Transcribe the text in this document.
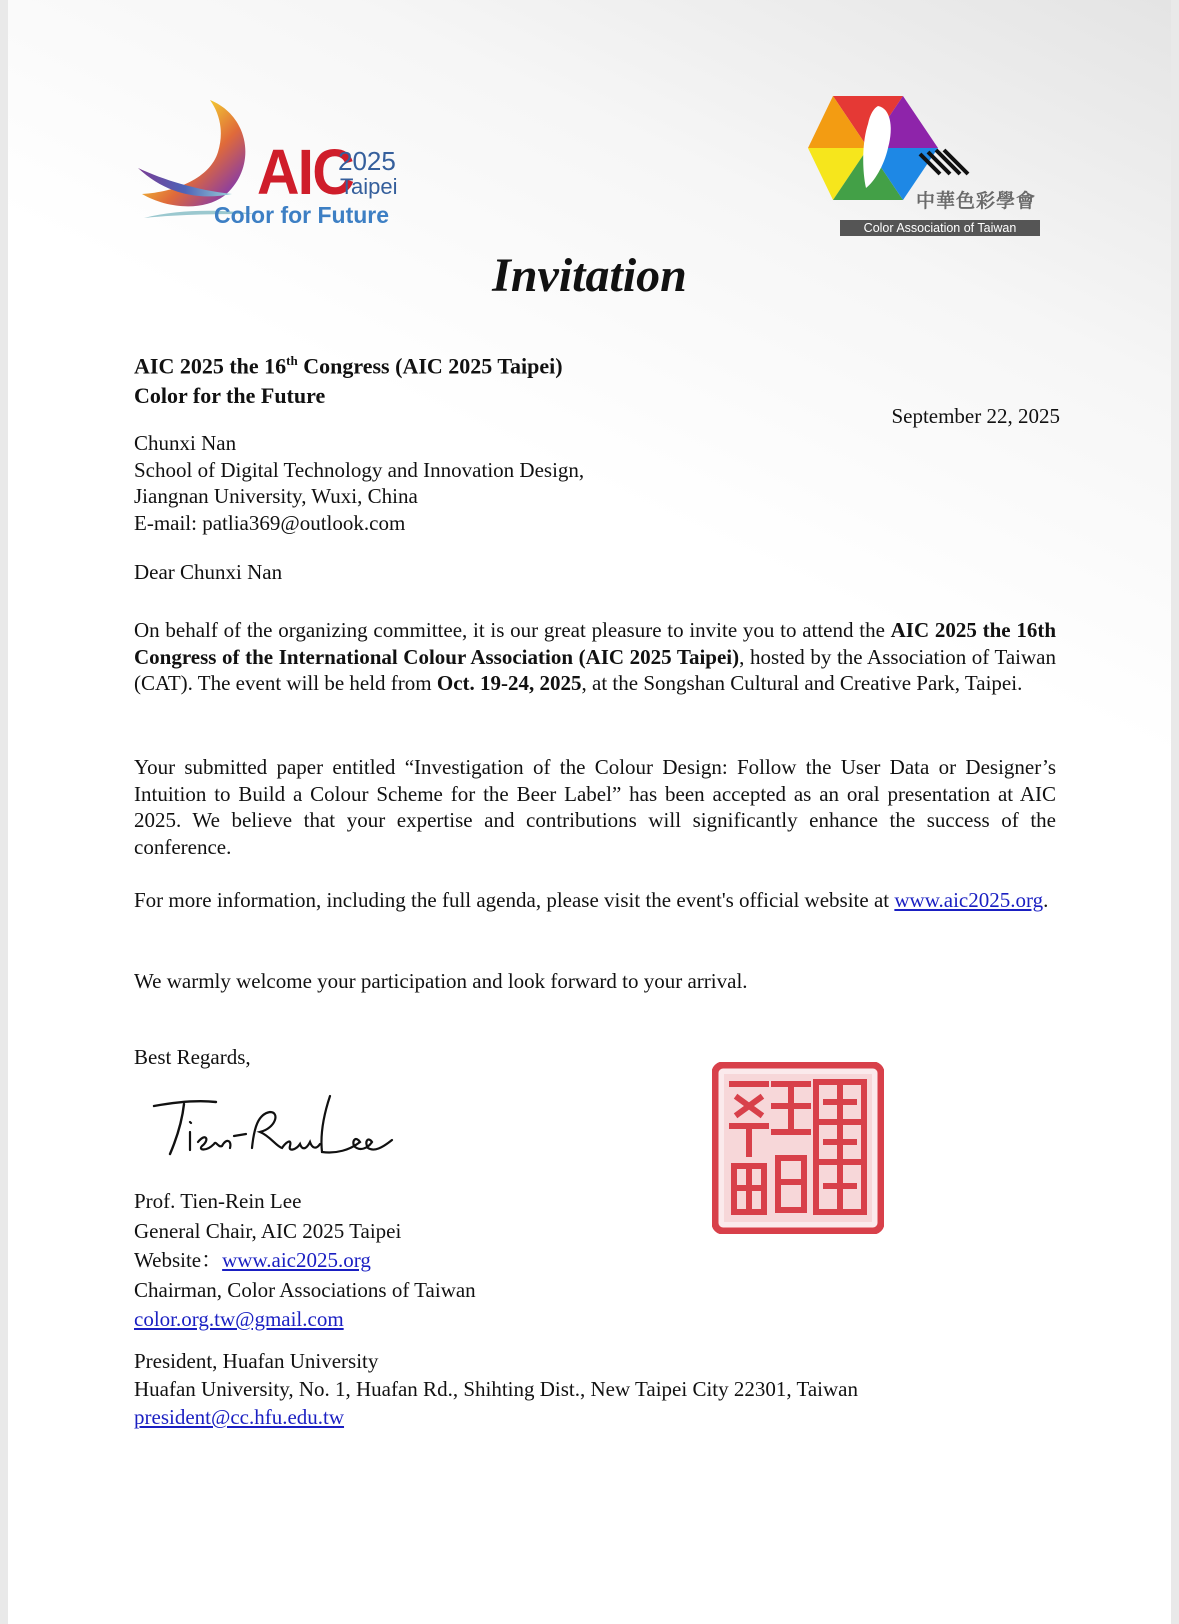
AIC
2025
Taipei
Color for Future
中華色彩學會
Color Association of Taiwan
Invitation
AIC 2025 the 16th Congress (AIC 2025 Taipei)
Color for the Future
September 22, 2025
Chunxi Nan
School of Digital Technology and Innovation Design,
Jiangnan University, Wuxi, China
E-mail: patlia369@outlook.com
Dear Chunxi Nan
On behalf of the organizing committee, it is our great pleasure to invite you to attend the AIC 2025 the 16th Congress of the International Colour Association (AIC 2025 Taipei), hosted by the Association of Taiwan (CAT). The event will be held from Oct. 19-24, 2025, at the Songshan Cultural and Creative Park, Taipei.
Your submitted paper entitled “Investigation of the Colour Design: Follow the User Data or Designer’s Intuition to Build a Colour Scheme for the Beer Label” has been accepted as an oral presentation at AIC 2025. We believe that your expertise and contributions will significantly enhance the success of the conference.
For more information, including the full agenda, please visit the event's official website at www.aic2025.org.
We warmly welcome your participation and look forward to your arrival.
Best Regards,
Prof. Tien-Rein Lee
General Chair, AIC 2025 Taipei
Website：www.aic2025.org
Chairman, Color Associations of Taiwan
color.org.tw@gmail.com
President, Huafan University
Huafan University, No. 1, Huafan Rd., Shihting Dist., New Taipei City 22301, Taiwan
president@cc.hfu.edu.tw
